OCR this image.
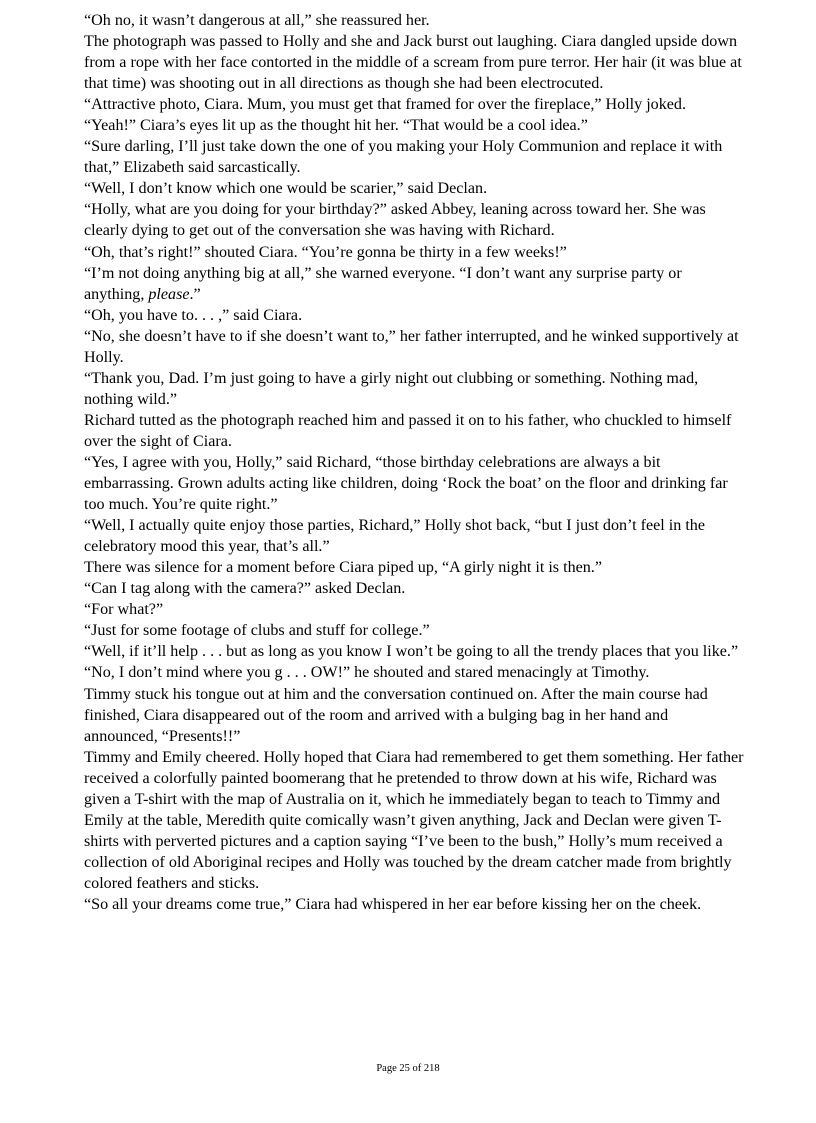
“Oh no, it wasn’t dangerous at all,” she reassured her.

The photograph was passed to Holly and she and Jack burst out laughing. Ciara dangled upside down from a rope with her face contorted in the middle of a scream from pure terror. Her hair (it was blue at that time) was shooting out in all directions as though she had been electrocuted.

“Attractive photo, Ciara. Mum, you must get that framed for over the fireplace,” Holly joked.

“Yeah!” Ciara’s eyes lit up as the thought hit her. “That would be a cool idea.”

“Sure darling, I’ll just take down the one of you making your Holy Communion and replace it with that,” Elizabeth said sarcastically.

“Well, I don’t know which one would be scarier,” said Declan.

“Holly, what are you doing for your birthday?” asked Abbey, leaning across toward her. She was clearly dying to get out of the conversation she was having with Richard.

“Oh, that’s right!” shouted Ciara. “You’re gonna be thirty in a few weeks!”

“I’m not doing anything big at all,” she warned everyone. “I don’t want any surprise party or anything, please.”

“Oh, you have to. . . ,” said Ciara.

“No, she doesn’t have to if she doesn’t want to,” her father interrupted, and he winked supportively at Holly.

“Thank you, Dad. I’m just going to have a girly night out clubbing or something. Nothing mad, nothing wild.”

Richard tutted as the photograph reached him and passed it on to his father, who chuckled to himself over the sight of Ciara.

“Yes, I agree with you, Holly,” said Richard, “those birthday celebrations are always a bit embarrassing. Grown adults acting like children, doing ‘Rock the boat’ on the floor and drinking far too much. You’re quite right.”

“Well, I actually quite enjoy those parties, Richard,” Holly shot back, “but I just don’t feel in the celebratory mood this year, that’s all.”

There was silence for a moment before Ciara piped up, “A girly night it is then.”

“Can I tag along with the camera?” asked Declan.

“For what?”

“Just for some footage of clubs and stuff for college.”

“Well, if it’ll help . . . but as long as you know I won’t be going to all the trendy places that you like.”

“No, I don’t mind where you g . . . OW!” he shouted and stared menacingly at Timothy.

Timmy stuck his tongue out at him and the conversation continued on. After the main course had finished, Ciara disappeared out of the room and arrived with a bulging bag in her hand and announced, “Presents!!”

Timmy and Emily cheered. Holly hoped that Ciara had remembered to get them something. Her father received a colorfully painted boomerang that he pretended to throw down at his wife, Richard was given a T-shirt with the map of Australia on it, which he immediately began to teach to Timmy and Emily at the table, Meredith quite comically wasn’t given anything, Jack and Declan were given T-shirts with perverted pictures and a caption saying “I’ve been to the bush,” Holly’s mum received a collection of old Aboriginal recipes and Holly was touched by the dream catcher made from brightly colored feathers and sticks.

“So all your dreams come true,” Ciara had whispered in her ear before kissing her on the cheek.

Page 25 of 218
